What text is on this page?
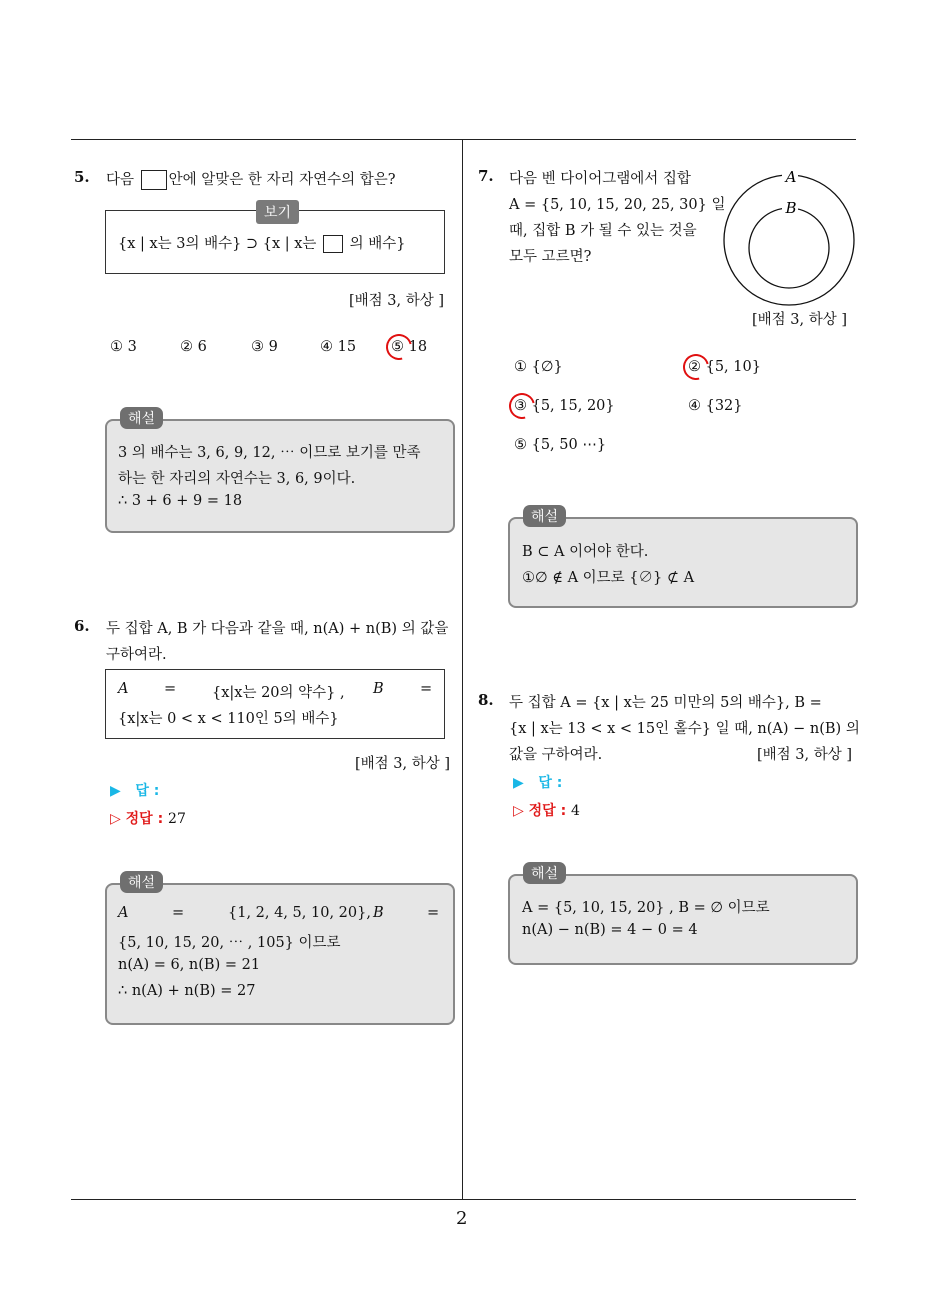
2
5. 다음 안에 알맞은 한 자리 자연수의 합은?
보기
{x | x는 3의 배수} ⊃ {x | x는 의 배수}
[배점 3, 하상 ]
① 3	② 6	③ 9	④ 15 ⑤ 18
해설
3 의 배수는 3, 6, 9, 12, ⋯ 이므로 보기를 만족
하는 한 자리의 자연수는 3, 6, 9이다.
∴ 3 + 6 + 9 = 18
6. 두 집합 A, B 가 다음과 같을 때, n(A) + n(B) 의 값을
구하여라.
A = {x|x는 20의 약수} , B	=
{x|x는 0 < x < 110인 5의 배수}
[배점 3, 하상 ]
▶   답 :
▷ 정답 : 27
해설
A	=	{1, 2, 4, 5, 10, 20}, B	=
{5, 10, 15, 20, ⋯ , 105} 이므로
n(A) = 6, n(B) = 21
∴ n(A) + n(B) = 27
7. 다음 벤 다이어그램에서 집합
A = {5, 10, 15, 20, 25, 30} 일
때, 집합 B 가 될 수 있는 것을
모두 고르면?
A
B
[배점 3, 하상 ]
① {∅}	② {5, 10}
③ {5, 15, 20}	④ {32}
⑤ {5, 50 ⋯}
해설
B ⊂ A 이어야 한다.
①∅ ∉ A 이므로 {∅} ⊄ A
8. 두 집합 A = {x | x는 25 미만의 5의 배수}, B =
{x | x는 13 < x < 15인 홀수} 일 때, n(A) − n(B) 의
값을 구하여라.	[배점 3, 하상 ]
▶   답 :
▷ 정답 : 4
해설
A = {5, 10, 15, 20} , B = ∅ 이므로
n(A) − n(B) = 4 − 0 = 4
